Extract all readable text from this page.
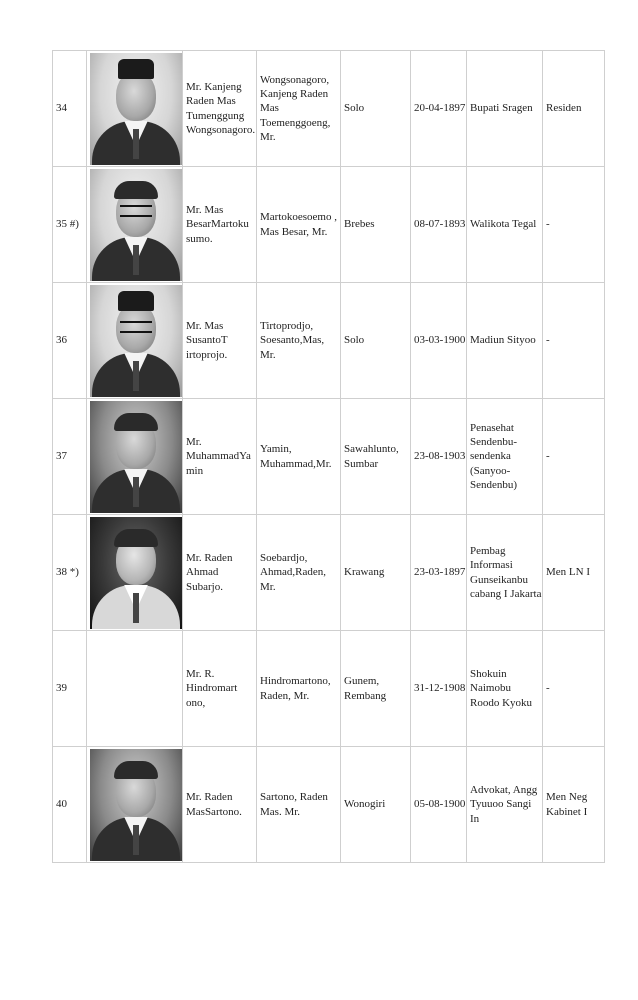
34		Mr. Kanjeng Raden Mas Tumenggung Wongsonagoro.	Wongsonagoro, Kanjeng Raden Mas Toemenggoeng, Mr.	Solo	20-04-1897	Bupati Sragen	Residen
35 #)		Mr. Mas BesarMartoku sumo.	Martokoesoemo , Mas Besar, Mr.	Brebes	08-07-1893	Walikota Tegal	-
36		Mr. Mas SusantoT irtoprojo.	Tirtoprodjo, Soesanto,Mas, Mr.	Solo	03-03-1900	Madiun Sityoo	-
37		Mr. MuhammadYa min	Yamin, Muhammad,Mr.	Sawahlunto, Sumbar	23-08-1903	Penasehat Sendenbu-sendenka (Sanyoo-Sendenbu)	-
38 *)		Mr. Raden Ahmad Subarjo.	Soebardjo, Ahmad,Raden, Mr.	Krawang	23-03-1897	Pembag Informasi Gunseikanbu cabang I Jakarta	Men LN I
39		Mr. R. Hindromart ono,	Hindromartono, Raden, Mr.	Gunem, Rembang	31-12-1908	Shokuin Naimobu Roodo Kyoku	-
40		Mr. Raden MasSartono.	Sartono, Raden Mas. Mr.	Wonogiri	05-08-1900	Advokat, Angg Tyuuoo Sangi In	Men Neg Kabinet I
